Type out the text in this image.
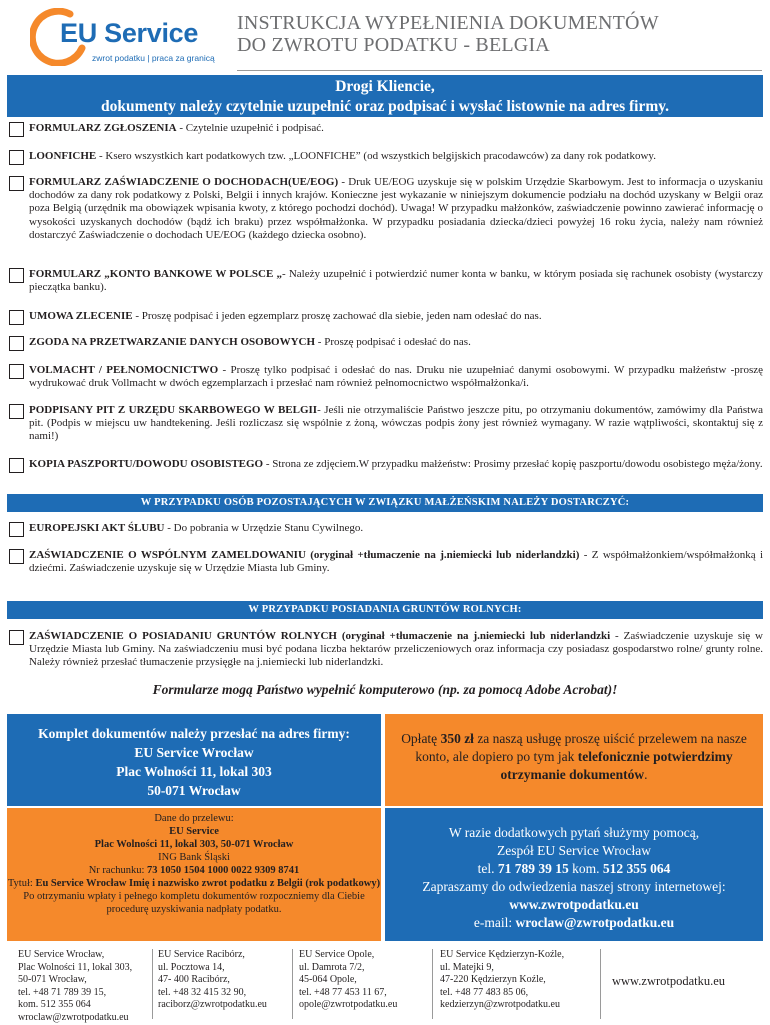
EU Service
zwrot podatku | praca za granicą
INSTRUKCJA WYPEŁNIENIA DOKUMENTÓW
DO ZWROTU PODATKU - BELGIA
Drogi Kliencie,
dokumenty należy czytelnie uzupełnić oraz podpisać i wysłać listownie na adres firmy.
FORMULARZ ZGŁOSZENIA - Czytelnie uzupełnić i podpisać.
LOONFICHE - Ksero wszystkich kart podatkowych tzw. „LOONFICHE” (od wszystkich belgijskich pracodawców) za dany rok podatkowy.
FORMULARZ ZAŚWIADCZENIE O DOCHODACH(UE/EOG) - Druk UE/EOG uzyskuje się w polskim Urzędzie Skarbowym. Jest to informacja o uzyskaniu dochodów za dany rok podatkowy z Polski, Belgii i innych krajów. Konieczne jest wykazanie w niniejszym dokumencie podziału na dochód uzyskany w Belgii oraz poza Belgią (urzędnik ma obowiązek wpisania kwoty, z którego pochodzi dochód). Uwaga! W przypadku małżonków, zaświadczenie powinno zawierać informację o wysokości uzyskanych dochodów (bądź ich braku) przez współmałżonka. W przypadku posiadania dziecka/dzieci powyżej 16 roku życia, należy nam również dostarczyć Zaświadczenie o dochodach UE/EOG (każdego dziecka osobno).
FORMULARZ „KONTO BANKOWE W POLSCE „- Należy uzupełnić i potwierdzić numer konta w banku, w którym posiada się rachunek osobisty (wystarczy pieczątka banku).
UMOWA ZLECENIE - Proszę podpisać i jeden egzemplarz proszę zachować dla siebie, jeden nam odesłać do nas.
ZGODA NA PRZETWARZANIE DANYCH OSOBOWYCH - Proszę podpisać i odesłać do nas.
VOLMACHT / PEŁNOMOCNICTWO - Proszę tylko podpisać i odesłać do nas. Druku nie uzupełniać danymi osobowymi. W przypadku małżeństw -proszę wydrukować druk Vollmacht w dwóch egzemplarzach i przesłać nam również pełnomocnictwo współmałżonka/i.
PODPISANY PIT Z URZĘDU SKARBOWEGO W BELGII- Jeśli nie otrzymaliście Państwo jeszcze pitu, po otrzymaniu dokumentów, zamówimy dla Państwa pit. (Podpis w miejscu uw handtekening. Jeśli rozliczasz się wspólnie z żoną, wówczas podpis żony jest również wymagany. W razie wątpliwości, skontaktuj się z nami!)
KOPIA PASZPORTU/DOWODU OSOBISTEGO - Strona ze zdjęciem.W przypadku małżeństw: Prosimy przesłać kopię paszportu/dowodu osobistego męża/żony.
W PRZYPADKU OSÓB POZOSTAJĄCYCH W ZWIĄZKU MAŁŻEŃSKIM NALEŻY DOSTARCZYĆ:
EUROPEJSKI AKT ŚLUBU - Do pobrania w Urzędzie Stanu Cywilnego.
ZAŚWIADCZENIE O WSPÓLNYM ZAMELDOWANIU (oryginał +tłumaczenie na j.niemiecki lub niderlandzki) - Z współmałżonkiem/współmałżonką i dziećmi. Zaświadczenie uzyskuje się w Urzędzie Miasta lub Gminy.
W PRZYPADKU POSIADANIA GRUNTÓW ROLNYCH:
ZAŚWIADCZENIE O POSIADANIU GRUNTÓW ROLNYCH (oryginał +tłumaczenie na j.niemiecki lub niderlandzki - Zaświadczenie uzyskuje się w Urzędzie Miasta lub Gminy. Na zaświadczeniu musi być podana liczba hektarów przeliczeniowych oraz informacja czy posiadasz gospodarstwo rolne/ grunty rolne. Należy również przesłać tłumaczenie przysięgłe na j.niemiecki lub niderlandzki.
Formularze mogą Państwo wypełnić komputerowo (np. za pomocą Adobe Acrobat)!
Komplet dokumentów należy przesłać na adres firmy:
EU Service Wrocław
Plac Wolności 11, lokal 303
50-071 Wrocław
Opłatę 350 zł za naszą usługę proszę uiścić przelewem na nasze konto, ale dopiero po tym jak telefonicznie potwierdzimy otrzymanie dokumentów.
Dane do przelewu:
EU Service
Plac Wolności 11, lokal 303, 50-071 Wrocław
ING Bank Śląski
Nr rachunku: 73 1050 1504 1000 0022 9309 8741
Tytuł: Eu Service Wrocław Imię i nazwisko zwrot podatku z Belgii (rok podatkowy)
Po otrzymaniu wpłaty i pełnego kompletu dokumentów rozpoczniemy dla Ciebie procedurę uzyskiwania nadpłaty podatku.
W razie dodatkowych pytań służymy pomocą,
Zespół EU Service Wrocław
tel. 71 789 39 15 kom. 512 355 064
Zapraszamy do odwiedzenia naszej strony internetowej:
www.zwrotpodatku.eu
e-mail: wroclaw@zwrotpodatku.eu
EU Service Wrocław,
Plac Wolności 11, lokal 303,
50-071 Wrocław,
tel. +48 71 789 39 15,
kom. 512 355 064
wroclaw@zwrotpodatku.eu
EU Service Racibórz,
ul. Pocztowa 14,
47- 400 Racibórz,
tel. +48 32 415 32 90,
raciborz@zwrotpodatku.eu
EU Service Opole,
ul. Damrota 7/2,
45-064 Opole,
tel. +48 77 453 11 67,
opole@zwrotpodatku.eu
EU Service Kędzierzyn-Koźle,
ul. Matejki 9,
47-220 Kędzierzyn Koźle,
tel. +48 77 483 85 06,
kedzierzyn@zwrotpodatku.eu
www.zwrotpodatku.eu
